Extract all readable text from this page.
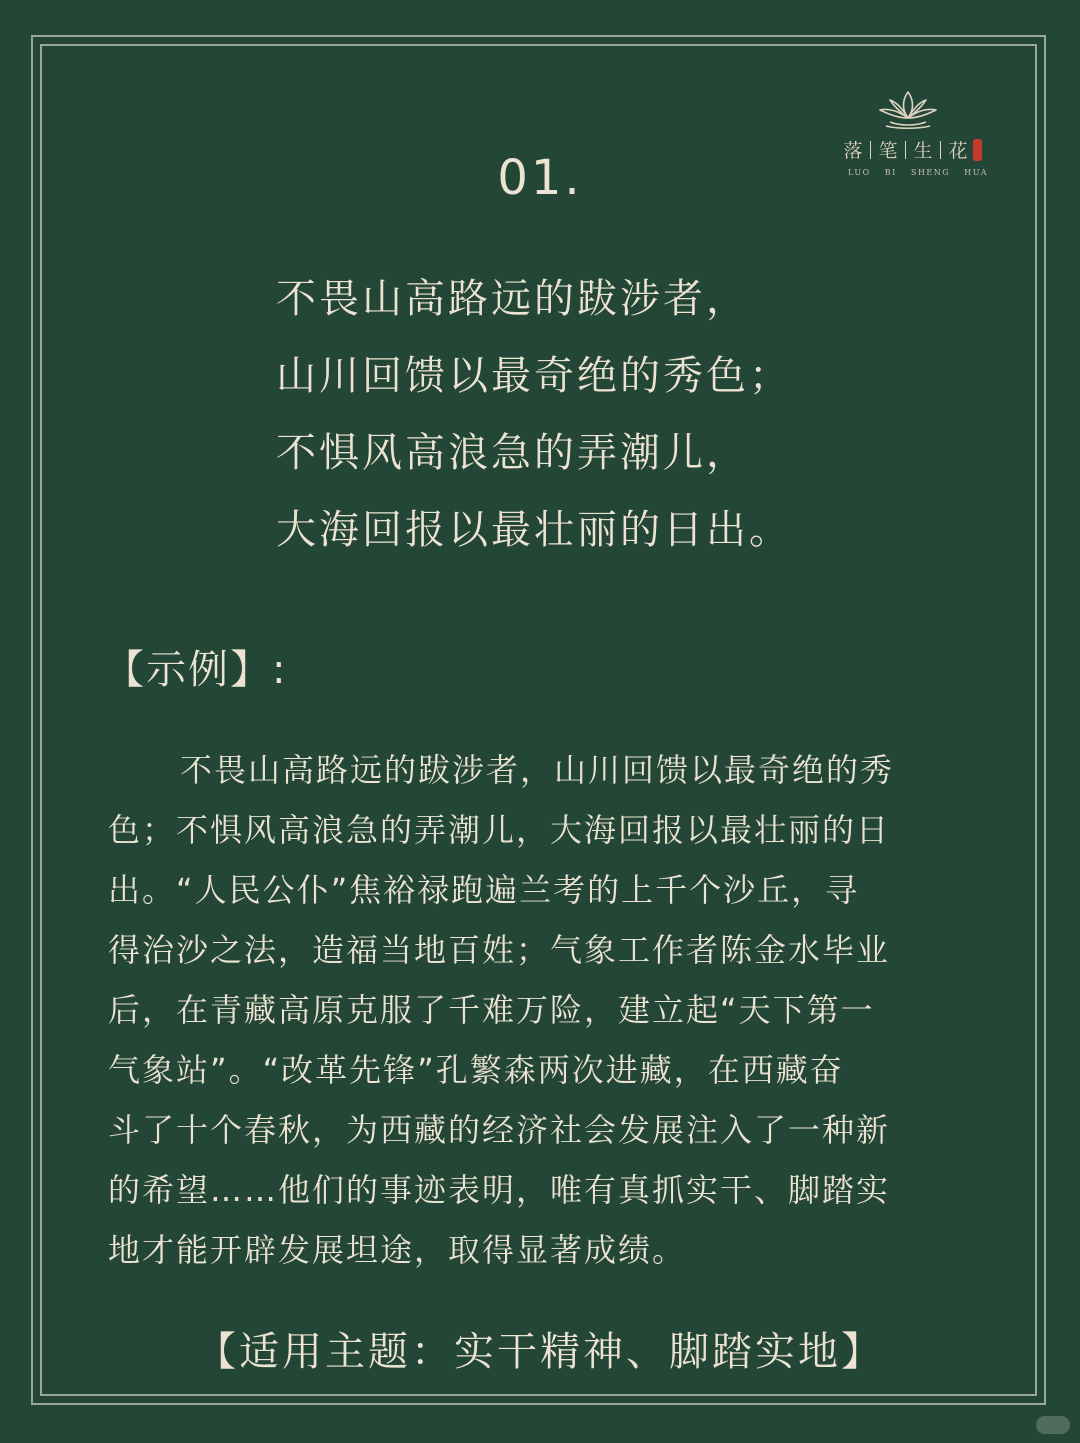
落 笔 生 花
LUO BI SHENG HUA
01.
不畏山高路远的跋涉者，
山川回馈以最奇绝的秀色；
不惧风高浪急的弄潮儿，
大海回报以最壮丽的日出。
【示例】:
不畏山高路远的跋涉者，山川回馈以最奇绝的秀
色；不惧风高浪急的弄潮儿，大海回报以最壮丽的日
出。“人民公仆”焦裕禄跑遍兰考的上千个沙丘，寻
得治沙之法，造福当地百姓；气象工作者陈金水毕业
后，在青藏高原克服了千难万险，建立起“天下第一
气象站”。“改革先锋”孔繁森两次进藏，在西藏奋
斗了十个春秋，为西藏的经济社会发展注入了一种新
的希望……他们的事迹表明，唯有真抓实干、脚踏实
地才能开辟发展坦途，取得显著成绩。
【适用主题：实干精神、脚踏实地】
